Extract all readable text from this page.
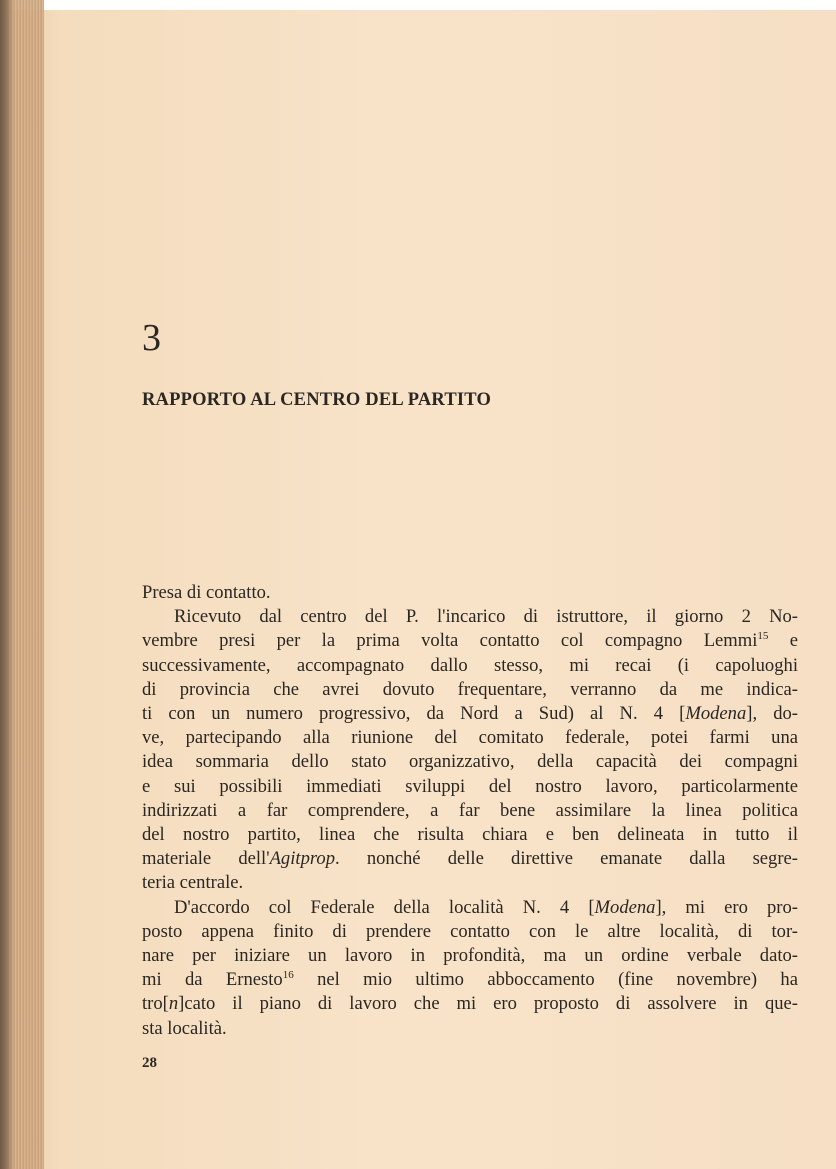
3
RAPPORTO AL CENTRO DEL PARTITO

Presa di contatto.

Ricevuto dal centro del P. l'incarico di istruttore, il giorno 2 No-
vembre presi per la prima volta contatto col compagno Lemmi$^{15}$ e
successivamente, accompagnato dallo stesso, mi recai (i capoluoghi
di provincia che avrei dovuto frequentare, verranno da me indica-
ti con un numero progressivo, da Nord a Sud) al N. 4 [Modena], do-
ve, partecipando alla riunione del comitato federale, potei farmi una
idea sommaria dello stato organizzativo, della capacità dei compagni
e sui possibili immediati sviluppi del nostro lavoro, particolarmente
indirizzati a far comprendere, a far bene assimilare la linea politica
del nostro partito, linea che risulta chiara e ben delineata in tutto il
materiale dell'Agitprop. nonché delle direttive emanate dalla segre-
teria centrale.
D'accordo col Federale della località N. 4 [Modena], mi ero pro-
posto appena finito di prendere contatto con le altre località, di tor-
nare per iniziare un lavoro in profondità, ma un ordine verbale dato-
mi da Ernesto$^{16}$ nel mio ultimo abboccamento (fine novembre) ha
tro[n]cato il piano di lavoro che mi ero proposto di assolvere in que-
sta località.
28
